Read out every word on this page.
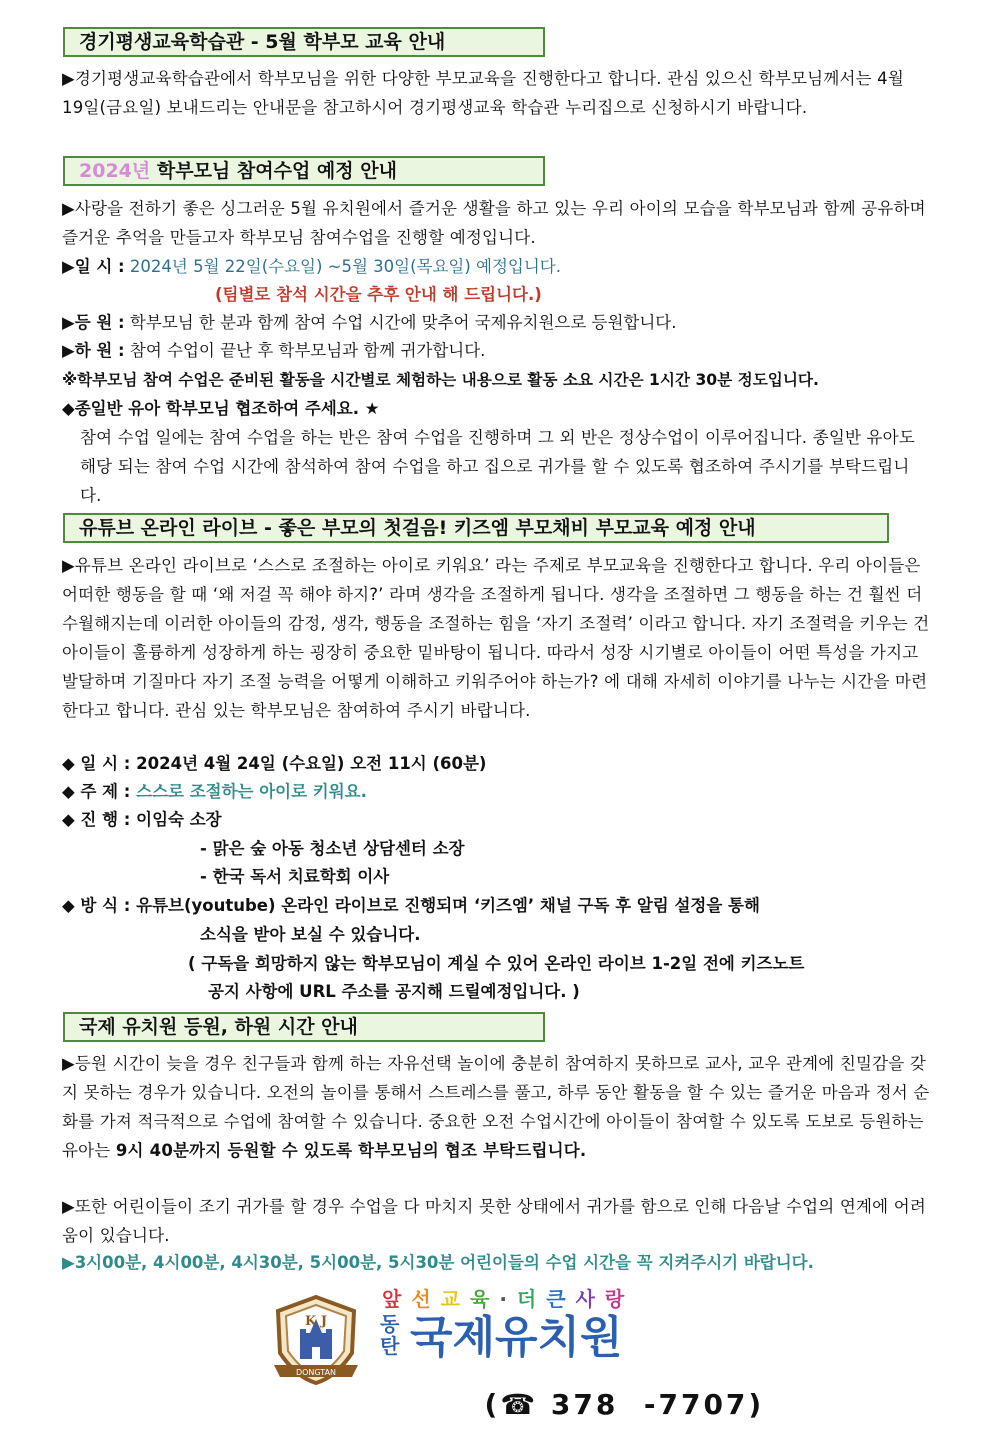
경기평생교육학습관 - 5월 학부모 교육 안내
▶경기평생교육학습관에서 학부모님을 위한 다양한 부모교육을 진행한다고 합니다. 관심 있으신 학부모님께서는 4월 19일(금요일) 보내드리는 안내문을 참고하시어 경기평생교육 학습관 누리집으로 신청하시기 바랍니다.
2024년 학부모님 참여수업 예정 안내
▶사랑을 전하기 좋은 싱그러운 5월 유치원에서 즐거운 생활을 하고 있는 우리 아이의 모습을 학부모님과 함께 공유하며 즐거운 추억을 만들고자 학부모님 참여수업을 진행할 예정입니다.
▶일 시 : 2024년 5월 22일(수요일) ~5월 30일(목요일) 예정입니다.
(팀별로 참석 시간을 추후 안내 해 드립니다.)
▶등 원 : 학부모님 한 분과 함께 참여 수업 시간에 맞추어 국제유치원으로 등원합니다.
▶하 원 : 참여 수업이 끝난 후 학부모님과 함께 귀가합니다.
※학부모님 참여 수업은 준비된 활동을 시간별로 체험하는 내용으로 활동 소요 시간은 1시간 30분 정도입니다.
◆종일반 유아 학부모님 협조하여 주세요. ★
참여 수업 일에는 참여 수업을 하는 반은 참여 수업을 진행하며 그 외 반은 정상수업이 이루어집니다. 종일반 유아도 해당 되는 참여 수업 시간에 참석하여 참여 수업을 하고 집으로 귀가를 할 수 있도록 협조하여 주시기를 부탁드립니다.
유튜브 온라인 라이브 - 좋은 부모의 첫걸음! 키즈엠 부모채비 부모교육 예정 안내
▶유튜브 온라인 라이브로 ‘스스로 조절하는 아이로 키워요’ 라는 주제로 부모교육을 진행한다고 합니다. 우리 아이들은 어떠한 행동을 할 때 ‘왜 저걸 꼭 해야 하지?’ 라며 생각을 조절하게 됩니다. 생각을 조절하면 그 행동을 하는 건 훨씬 더 수월해지는데 이러한 아이들의 감정, 생각, 행동을 조절하는 힘을 ‘자기 조절력’ 이라고 합니다. 자기 조절력을 키우는 건 아이들이 훌륭하게 성장하게 하는 굉장히 중요한 밑바탕이 됩니다. 따라서 성장 시기별로 아이들이 어떤 특성을 가지고 발달하며 기질마다 자기 조절 능력을 어떻게 이해하고 키워주어야 하는가? 에 대해 자세히 이야기를 나누는 시간을 마련한다고 합니다. 관심 있는 학부모님은 참여하여 주시기 바랍니다.
◆ 일 시 : 2024년 4월 24일 (수요일) 오전 11시 (60분)
◆ 주 제 : 스스로 조절하는 아이로 키워요.
◆ 진 행 : 이임숙 소장
- 맑은 숲 아동 청소년 상담센터 소장
- 한국 독서 치료학회 이사
◆ 방 식 : 유튜브(youtube) 온라인 라이브로 진행되며 ‘키즈엠’ 채널 구독 후 알림 설정을 통해
소식을 받아 보실 수 있습니다.
( 구독을 희망하지 않는 학부모님이 계실 수 있어 온라인 라이브 1-2일 전에 키즈노트
공지 사항에 URL 주소를 공지해 드릴예정입니다. )
국제 유치원 등원, 하원 시간 안내
▶등원 시간이 늦을 경우 친구들과 함께 하는 자유선택 놀이에 충분히 참여하지 못하므로 교사, 교우 관계에 친밀감을 갖지 못하는 경우가 있습니다. 오전의 놀이를 통해서 스트레스를 풀고, 하루 동안 활동을 할 수 있는 즐거운 마음과 정서 순화를 가져 적극적으로 수업에 참여할 수 있습니다. 중요한 오전 수업시간에 아이들이 참여할 수 있도록 도보로 등원하는 유아는 9시 40분까지 등원할 수 있도록 학부모님의 협조 부탁드립니다.
▶또한 어린이들이 조기 귀가를 할 경우 수업을 다 마치지 못한 상태에서 귀가를 함으로 인해 다음날 수업의 연계에 어려움이 있습니다.
▶3시00분, 4시00분, 4시30분, 5시00분, 5시30분 어린이들의 수업 시간을 꼭 지켜주시기 바랍니다.
DONGTAN
K J
앞 선 교 육 · 더 큰 사 랑
동탄 국제유치원

(☎ 378  -7707)
